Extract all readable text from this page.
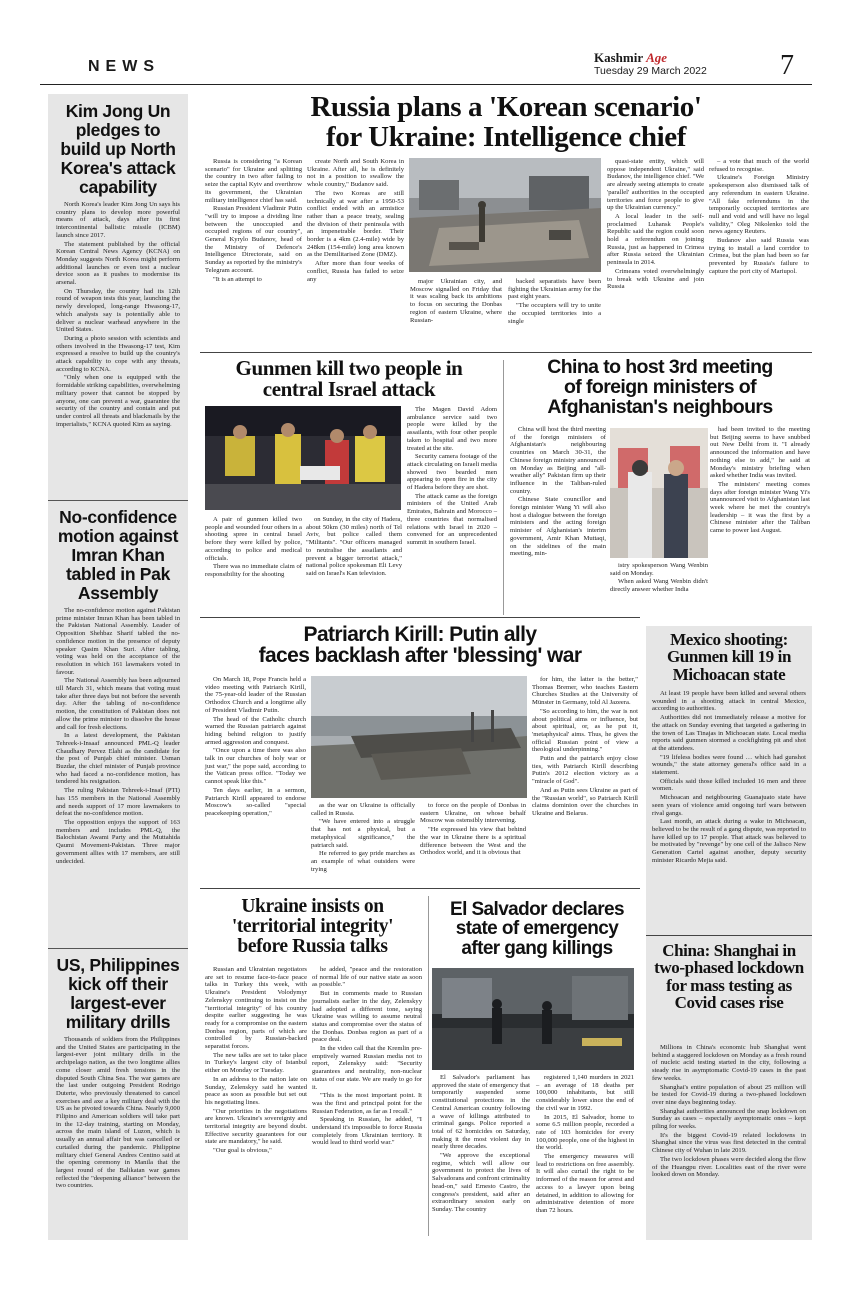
NEWS
Kashmir Age
Tuesday 29 March 2022	7
Kim Jong Un pledges to build up North Korea's attack capability

North Korea's leader Kim Jong Un says his country plans to develop more powerful means of attack, days after its first intercontinental ballistic missile (ICBM) launch since 2017.

The statement published by the official Korean Central News Agency (KCNA) on Monday suggests North Korea might perform additional launches or even test a nuclear device soon as it pushes to modernise its arsenal.

On Thursday, the country had its 12th round of weapon tests this year, launching the newly developed, long-range Hwasong-17, which analysts say is potentially able to deliver a nuclear warhead anywhere in the United States.

During a photo session with scientists and others involved in the Hwasong-17 test, Kim expressed a resolve to build up the country's attack capability to cope with any threats, according to KCNA.

"Only when one is equipped with the formidable striking capabilities, overwhelming military power that cannot be stopped by anyone, one can prevent a war, guarantee the security of the country and contain and put under control all threats and blackmails by the imperialists," KCNA quoted Kim as saying.

No-confidence motion against Imran Khan tabled in Pak Assembly

The no-confidence motion against Pakistan prime minister Imran Khan has been tabled in the Pakistan National Assembly. Leader of Opposition Shehbaz Sharif tabled the no-confidence motion in the presence of deputy speaker Qasim Khan Suri. After tabling, voting was held on the acceptance of the resolution in which 161 lawmakers voted in favour.

The National Assembly has been adjourned till March 31, which means that voting must take after three days but not before the seventh day. After the tabling of no-confidence motion, the constitution of Pakistan does not allow the prime minister to dissolve the house and call for fresh elections.

In a latest development, the Pakistan Tehreek-i-Insaaf announced PML-Q leader Chaudhary Pervez Elahi as the candidate for the post of Punjab chief minister. Usman Buzdar, the chief minister of Punjab province who had faced a no-confidence motion, has tendered his resignation.

The ruling Pakistan Tehreek-i-Insaf (PTI) has 155 members in the National Assembly and needs support of 17 more lawmakers to defeat the no-confidence motion.

The opposition enjoys the support of 163 members and includes PML-Q, the Balochistan Awami Party and the Muttahida Qaumi Movement-Pakistan. Three major government allies with 17 members, are still undecided.

US, Philippines kick off their largest-ever military drills

Thousands of soldiers from the Philippines and the United States are participating in the largest-ever joint military drills in the archipelago nation, as the two longtime allies come closer amid fresh tensions in the disputed South China Sea. The war games are the last under outgoing President Rodrigo Duterte, who previously threatened to cancel exercises and axe a key military deal with the US as he pivoted towards China. Nearly 9,000 Filipino and American soldiers will take part in the 12-day training, starting on Monday, across the main island of Luzon, which is usually an annual affair but was cancelled or curtailed during the pandemic. Philippine military chief General Andres Centino said at the opening ceremony in Manila that the largest round of the Balikatan war games reflected the "deepening alliance" between the two countries.

Russia plans a 'Korean scenario'
for Ukraine: Intelligence chief

Russia is considering "a Korean scenario" for Ukraine and splitting the country in two after failing to seize the capital Kyiv and overthrow its government, the Ukrainian military intelligence chief has said.

Russian President Vladimir Putin "will try to impose a dividing line between the unoccupied and occupied regions of our country", General Kyrylo Budanov, head of the Ministry of Defence's Intelligence Directorate, said on Sunday as reported by the ministry's Telegram account.

"It is an attempt to

create North and South Korea in Ukraine. After all, he is definitely not in a position to swallow the whole country," Budanov said.

The two Koreas are still technically at war after a 1950-53 conflict ended with an armistice rather than a peace treaty, sealing the division of their peninsula with an impenetrable border. Their border is a 4km (2.4-mile) wide by 248km (154-mile) long area known as the Demilitarised Zone (DMZ).

After more than four weeks of conflict, Russia has failed to seize any	major Ukrainian city, and Moscow signalled on Friday that it was scaling back its ambitions to focus on securing the Donbas region of eastern Ukraine, where Russian-

backed separatists have been fighting the Ukrainian army for the past eight years.

"The occupiers will try to unite the occupied territories into a single

quasi-state entity, which will oppose independent Ukraine," said Budanov, the intelligence chief. "We are already seeing attempts to create 'parallel' authorities in the occupied territories and force people to give up the Ukrainian currency."

A local leader in the self-proclaimed Luhansk People's Republic said the region could soon hold a referendum on joining Russia, just as happened in Crimea after Russia seized the Ukrainian peninsula in 2014.

Crimeans voted overwhelmingly to break with Ukraine and join Russia

– a vote that much of the world refused to recognise.

Ukraine's Foreign Ministry spokesperson also dismissed talk of any referendum in eastern Ukraine. "All fake referendums in the temporarily occupied territories are null and void and will have no legal validity," Oleg Nikolenko told the news agency Reuters.

Budanov also said Russia was trying to install a land corridor to Crimea, but the plan had been so far prevented by Russia's failure to capture the port city of Mariupol.

Gunmen kill two people in
central Israel attack

A pair of gunmen killed two people and wounded four others in a shooting spree in central Israel before they were killed by police, according to police and medical officials.

There was no immediate claim of responsibility for the shooting

on Sunday, in the city of Hadera, about 50km (30 miles) north of Tel Aviv, but police called them "Militants". "Our officers managed to neutralise the assailants and prevent a bigger terrorist attack," national police spokesman Eli Levy said on Israel's Kan television.

The Magen David Adom ambulance service said two people were killed by the assailants, with four other people taken to hospital and two more treated at the site.

Security camera footage of the attack circulating on Israeli media showed two bearded men appearing to open fire in the city of Hadera before they are shot.

The attack came as the foreign ministers of the United Arab Emirates, Bahrain and Morocco – three countries that normalised relations with Israel in 2020 – convened for an unprecedented summit in southern Israel.

China to host 3rd meeting
of foreign ministers of
Afghanistan's neighbours

China will host the third meeting of the foreign ministers of Afghanistan's neighbouring countries on March 30-31, the Chinese foreign ministry announced on Monday as Beijing and "all-weather ally" Pakistan firm up their influence in the Taliban-ruled country.

Chinese State councillor and foreign minister Wang Yi will also host a dialogue between the foreign ministers and the acting foreign minister of Afghanistan's interim government, Amir Khan Muttaqi, on the sidelines of the main meeting, min-

istry spokesperson Wang Wenbin said on Monday.

When asked Wang Wenbin didn't directly answer whether India

had been invited to the meeting but Beijing seems to have snubbed out New Delhi from it. "I already announced the information and have nothing else to add," he said at Monday's ministry briefing when asked whether India was invited.

The ministers' meeting comes days after foreign minister Wang Yi's unannounced visit to Afghanistan last week where he met the country's leadership – it was the first by a Chinese minister after the Taliban came to power last August.

Patriarch Kirill: Putin ally
faces backlash after 'blessing' war

On March 18, Pope Francis held a video meeting with Patriarch Kirill, the 75-year-old leader of the Russian Orthodox Church and a longtime ally of President Vladimir Putin.

The head of the Catholic church warned the Russian patriarch against hiding behind religion to justify armed aggression and conquest.

"Once upon a time there was also talk in our churches of holy war or just war," the pope said, according to the Vatican press office. "Today we cannot speak like this."

Ten days earlier, in a sermon, Patriarch Kirill appeared to endorse Moscow's so-called "special peacekeeping operation,"

as the war on Ukraine is officially called in Russia.

"We have entered into a struggle that has not a physical, but a metaphysical significance," the patriarch said.

He referred to gay pride marches as an example of what outsiders were trying

to force on the people of Donbas in eastern Ukraine, on whose behalf Moscow was ostensibly intervening.

"He expressed his view that behind the war in Ukraine there is a spiritual difference between the West and the Orthodox world, and it is obvious that

for him, the latter is the better," Thomas Bremer, who teaches Eastern Churches Studies at the University of Münster in Germany, told Al Jazeera.

"So according to him, the war is not about political aims or influence, but about spiritual, or, as he put it, 'metaphysical' aims. Thus, he gives the official Russian point of view a theological underpinning."

Putin and the patriarch enjoy close ties, with Patriarch Kirill describing Putin's 2012 election victory as a "miracle of God".

And as Putin sees Ukraine as part of the "Russian world", so Patriarch Kirill claims dominion over the churches in Ukraine and Belarus.

Mexico shooting: Gunmen kill 19 in Michoacan state

At least 19 people have been killed and several others wounded in a shooting attack in central Mexico, according to authorities.

Authorities did not immediately release a motive for the attack on Sunday evening that targeted a gathering in the town of Las Tinajas in Michoacan state. Local media reports said gunmen stormed a cockfighting pit and shot at the attendees.

"19 lifeless bodies were found … which had gunshot wounds," the state attorney general's office said in a statement.

Officials said those killed included 16 men and three women.

Michoacan and neighbouring Guanajuato state have seen years of violence amid ongoing turf wars between rival gangs.

Last month, an attack during a wake in Michoacan, believed to be the result of a gang dispute, was reported to have killed up to 17 people. That attack was believed to be motivated by "revenge" by one cell of the Jalisco New Generation Cartel against another, deputy security minister Ricardo Mejia said.

China: Shanghai in two-phased lockdown for mass testing as Covid cases rise

Millions in China's economic hub Shanghai went behind a staggered lockdown on Monday as a fresh round of nucleic acid testing started in the city, following a steady rise in asymptomatic Covid-19 cases in the past few weeks.

Shanghai's entire population of about 25 million will be tested for Covid-19 during a two-phased lockdown over nine days beginning today.

Shanghai authorities announced the snap lockdown on Sunday as cases – especially asymptomatic ones – kept piling for weeks.

It's the biggest Covid-19 related lockdowns in Shanghai since the virus was first detected in the central Chinese city of Wuhan in late 2019.

The two lockdown phases were decided along the flow of the Huangpu river. Localities east of the river were looked down on Monday.

Ukraine insists on
'territorial integrity'
before Russia talks

Russian and Ukrainian negotiators are set to resume face-to-face peace talks in Turkey this week, with Ukraine's President Volodymyr Zelenskyy continuing to insist on the "territorial integrity" of his country despite earlier suggesting he was ready for a compromise on the eastern Donbas region, parts of which are controlled by Russian-backed separatist forces.

The new talks are set to take place in Turkey's largest city of Istanbul either on Monday or Tuesday.

In an address to the nation late on Sunday, Zelenskyy said he wanted peace as soon as possible but set out his negotiating lines.

"Our priorities in the negotiations are known. Ukraine's sovereignty and territorial integrity are beyond doubt. Effective security guarantees for our state are mandatory," he said.

"Our goal is obvious,"

he added, "peace and the restoration of normal life of our native state as soon as possible."

But in comments made to Russian journalists earlier in the day, Zelenskyy had adopted a different tone, saying Ukraine was willing to assume neutral status and compromise over the status of the Donbas. Donbas region as part of a peace deal.

In the video call that the Kremlin pre-emptively warned Russian media not to report, Zelenskyy said: "Security guarantees and neutrality, non-nuclear status of our state. We are ready to go for it.

"This is the most important point. It was the first and principal point for the Russian Federation, as far as I recall."

Speaking in Russian, he added, "I understand it's impossible to force Russia completely from Ukrainian territory. It would lead to third world war."

El Salvador declares
state of emergency
after gang killings

El Salvador's parliament has approved the state of emergency that temporarily suspended some constitutional protections in the Central American country following a wave of killings attributed to criminal gangs. Police reported a total of 62 homicides on Saturday, making it the most violent day in nearly three decades.

"We approve the exceptional regime, which will allow our government to protect the lives of Salvadorans and confront criminality head-on," said Ernesto Castro, the congress's president, said after an extraordinary session early on Sunday. The country

registered 1,140 murders in 2021 – an average of 18 deaths per 100,000 inhabitants, but still considerably lower since the end of the civil war in 1992.

In 2015, El Salvador, home to some 6.5 million people, recorded a rate of 103 homicides for every 100,000 people, one of the highest in the world.

The emergency measures will lead to restrictions on free assembly. It will also curtail the right to be informed of the reason for arrest and access to a lawyer upon being detained, in addition to allowing for administrative detention of more than 72 hours.
